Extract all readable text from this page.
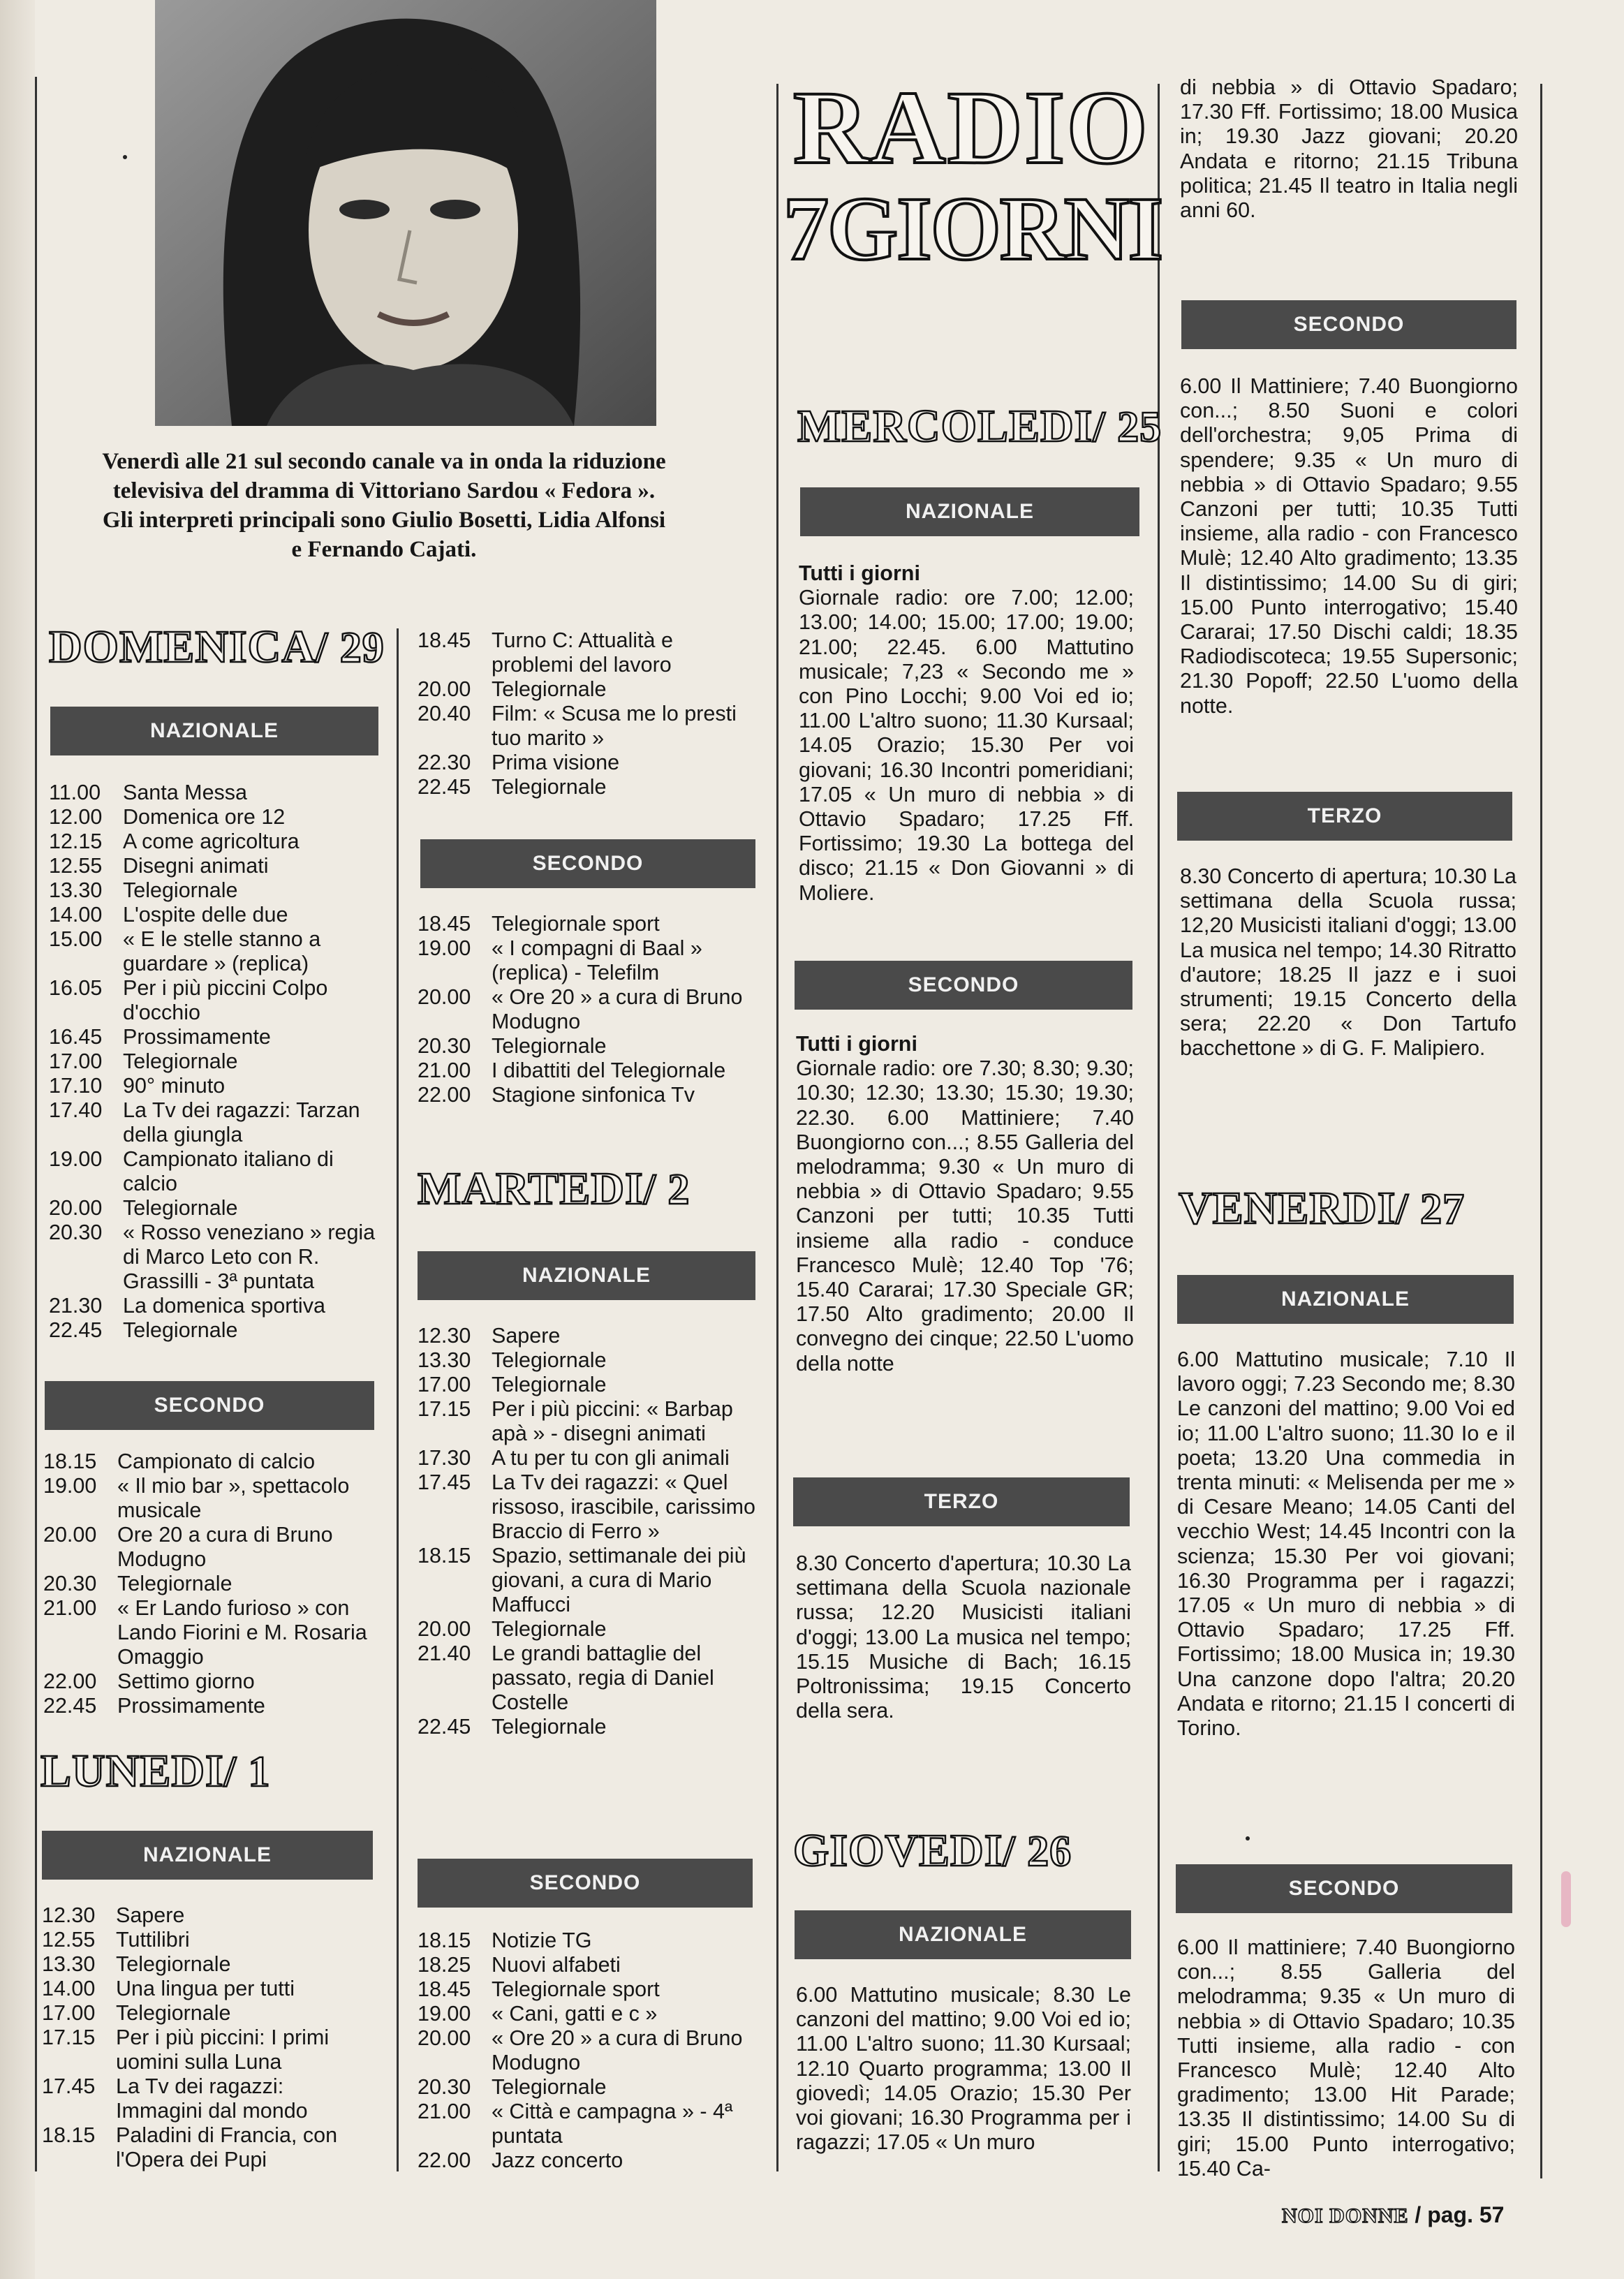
Venerdì alle 21 sul secondo canale va in onda la riduzione televisiva del dramma di Vittoriano Sardou « Fedora ». Gli interpreti principali sono Giulio Bosetti, Lidia Alfonsi e Fernando Cajati.
RADIO
7GIORNI
DOMENICA/ 29
NAZIONALE
11.00	Santa Messa
12.00 Domenica ore 12
12.15 A come agricoltura
12.55 Disegni animati
13.30 Telegiornale
14.00 L'ospite delle due
15.00 « E le stelle stanno a guardare » (replica)
16.05 Per i più piccini Colpo d'occhio
16.45 Prossimamente
17.00 Telegiornale
17.10 90° minuto
17.40 La Tv dei ragazzi: Tarzan della giungla
19.00 Campionato italiano di calcio
20.00 Telegiornale
20.30 « Rosso veneziano » regia di Marco Leto con R. Grassilli - 3ª puntata
21.30 La domenica sportiva
22.45 Telegiornale
SECONDO
18.15 Campionato di calcio
19.00 « Il mio bar », spettacolo musicale
20.00 Ore 20 a cura di Bruno Modugno
20.30 Telegiornale
21.00 « Er Lando furioso » con Lando Fiorini e M. Rosaria Omaggio
22.00 Settimo giorno
22.45 Prossimamente
LUNEDI/ 1
NAZIONALE
12.30 Sapere
12.55 Tuttilibri
13.30 Telegiornale
14.00 Una lingua per tutti
17.00 Telegiornale
17.15 Per i più piccini: I primi uomini sulla Luna
17.45 La Tv dei ragazzi: Immagini dal mondo
18.15 Paladini di Francia, con l'Opera dei Pupi
18.45 Turno C: Attualità e problemi del lavoro
20.00 Telegiornale
20.40 Film: « Scusa me lo presti tuo marito »
22.30 Prima visione
22.45 Telegiornale
SECONDO
18.45 Telegiornale sport
19.00 « I compagni di Baal » (replica) - Telefilm
20.00 « Ore 20 » a cura di Bruno Modugno
20.30 Telegiornale
21.00 I dibattiti del Telegiornale
22.00 Stagione sinfonica Tv
MARTEDI/ 2
NAZIONALE
12.30 Sapere
13.30 Telegiornale
17.00 Telegiornale
17.15 Per i più piccini: « Barbap apà » - disegni animati
17.30 A tu per tu con gli animali
17.45 La Tv dei ragazzi: « Quel rissoso, irascibile, carissimo Braccio di Ferro »
18.15 Spazio, settimanale dei più giovani, a cura di Mario Maffucci
20.00 Telegiornale
21.40 Le grandi battaglie del passato, regia di Daniel Costelle
22.45 Telegiornale
SECONDO
18.15 Notizie TG
18.25 Nuovi alfabeti
18.45 Telegiornale sport
19.00 « Cani, gatti e c »
20.00 « Ore 20 » a cura di Bruno Modugno
20.30 Telegiornale
21.00 « Città e campagna » - 4ª puntata
22.00 Jazz concerto
MERCOLEDI/ 25
NAZIONALE
Tutti i giorni
Giornale radio: ore 7.00; 12.00; 13.00; 14.00; 15.00; 17.00; 19.00; 21.00; 22.45. 6.00 Mattutino musicale; 7,23 « Secondo me » con Pino Locchi; 9.00 Voi ed io; 11.00 L'altro suono; 11.30 Kursaal; 14.05 Orazio; 15.30 Per voi giovani; 16.30 Incontri pomeridiani; 17.05 « Un muro di nebbia » di Ottavio Spadaro; 17.25 Fff. Fortissimo; 19.30 La bottega del disco; 21.15 « Don Giovanni » di Moliere.
SECONDO
Tutti i giorni
Giornale radio: ore 7.30; 8.30; 9.30; 10.30; 12.30; 13.30; 15.30; 19.30; 22.30. 6.00 Mattiniere; 7.40 Buongiorno con...; 8.55 Galleria del melodramma; 9.30 « Un muro di nebbia » di Ottavio Spadaro; 9.55 Canzoni per tutti; 10.35 Tutti insieme alla radio - conduce Francesco Mulè; 12.40 Top '76; 15.40 Cararai; 17.30 Speciale GR; 17.50 Alto gradimento; 20.00 Il convegno dei cinque; 22.50 L'uomo della notte
TERZO
8.30 Concerto d'apertura; 10.30 La settimana della Scuola nazionale russa; 12.20 Musicisti italiani d'oggi; 13.00 La musica nel tempo; 15.15 Musiche di Bach; 16.15 Poltronissima; 19.15 Concerto della sera.
GIOVEDI/ 26
NAZIONALE
6.00 Mattutino musicale; 8.30 Le canzoni del mattino; 9.00 Voi ed io; 11.00 L'altro suono; 11.30 Kursaal; 12.10 Quarto programma; 13.00 Il giovedì; 14.05 Orazio; 15.30 Per voi giovani; 16.30 Programma per i ragazzi; 17.05 « Un muro
di nebbia » di Ottavio Spadaro; 17.30 Fff. Fortissimo; 18.00 Musica in; 19.30 Jazz giovani; 20.20 Andata e ritorno; 21.15 Tribuna politica; 21.45 Il teatro in Italia negli anni 60.
SECONDO
6.00 Il Mattiniere; 7.40 Buongiorno con...; 8.50 Suoni e colori dell'orchestra; 9,05 Prima di spendere; 9.35 « Un muro di nebbia » di Ottavio Spadaro; 9.55 Canzoni per tutti; 10.35 Tutti insieme, alla radio - con Francesco Mulè; 12.40 Alto gradimento; 13.35 Il distintissimo; 14.00 Su di giri; 15.00 Punto interrogativo; 15.40 Cararai; 17.50 Dischi caldi; 18.35 Radiodiscoteca; 19.55 Supersonic; 21.30 Popoff; 22.50 L'uomo della notte.
TERZO
8.30 Concerto di apertura; 10.30 La settimana della Scuola russa; 12,20 Musicisti italiani d'oggi; 13.00 La musica nel tempo; 14.30 Ritratto d'autore; 18.25 Il jazz e i suoi strumenti; 19.15 Concerto della sera; 22.20 « Don Tartufo bacchettone » di G. F. Malipiero.
VENERDI/ 27
NAZIONALE
6.00 Mattutino musicale; 7.10 Il lavoro oggi; 7.23 Secondo me; 8.30 Le canzoni del mattino; 9.00 Voi ed io; 11.00 L'altro suono; 11.30 Io e il poeta; 13.20 Una commedia in trenta minuti: « Melisenda per me » di Cesare Meano; 14.05 Canti del vecchio West; 14.45 Incontri con la scienza; 15.30 Per voi giovani; 16.30 Programma per i ragazzi; 17.05 « Un muro di nebbia » di Ottavio Spadaro; 17.25 Fff. Fortissimo; 18.00 Musica in; 19.30 Una canzone dopo l'altra; 20.20 Andata e ritorno; 21.15 I concerti di Torino.
SECONDO
6.00 Il mattiniere; 7.40 Buongiorno con...; 8.55 Galleria del melodramma; 9.35 « Un muro di nebbia » di Ottavio Spadaro; 10.35 Tutti insieme, alla radio - con Francesco Mulè; 12.40 Alto gradimento; 13.00 Hit Parade; 13.35 Il distintissimo; 14.00 Su di giri; 15.00 Punto interrogativo; 15.40 Ca-
NOI DONNE / pag. 57
